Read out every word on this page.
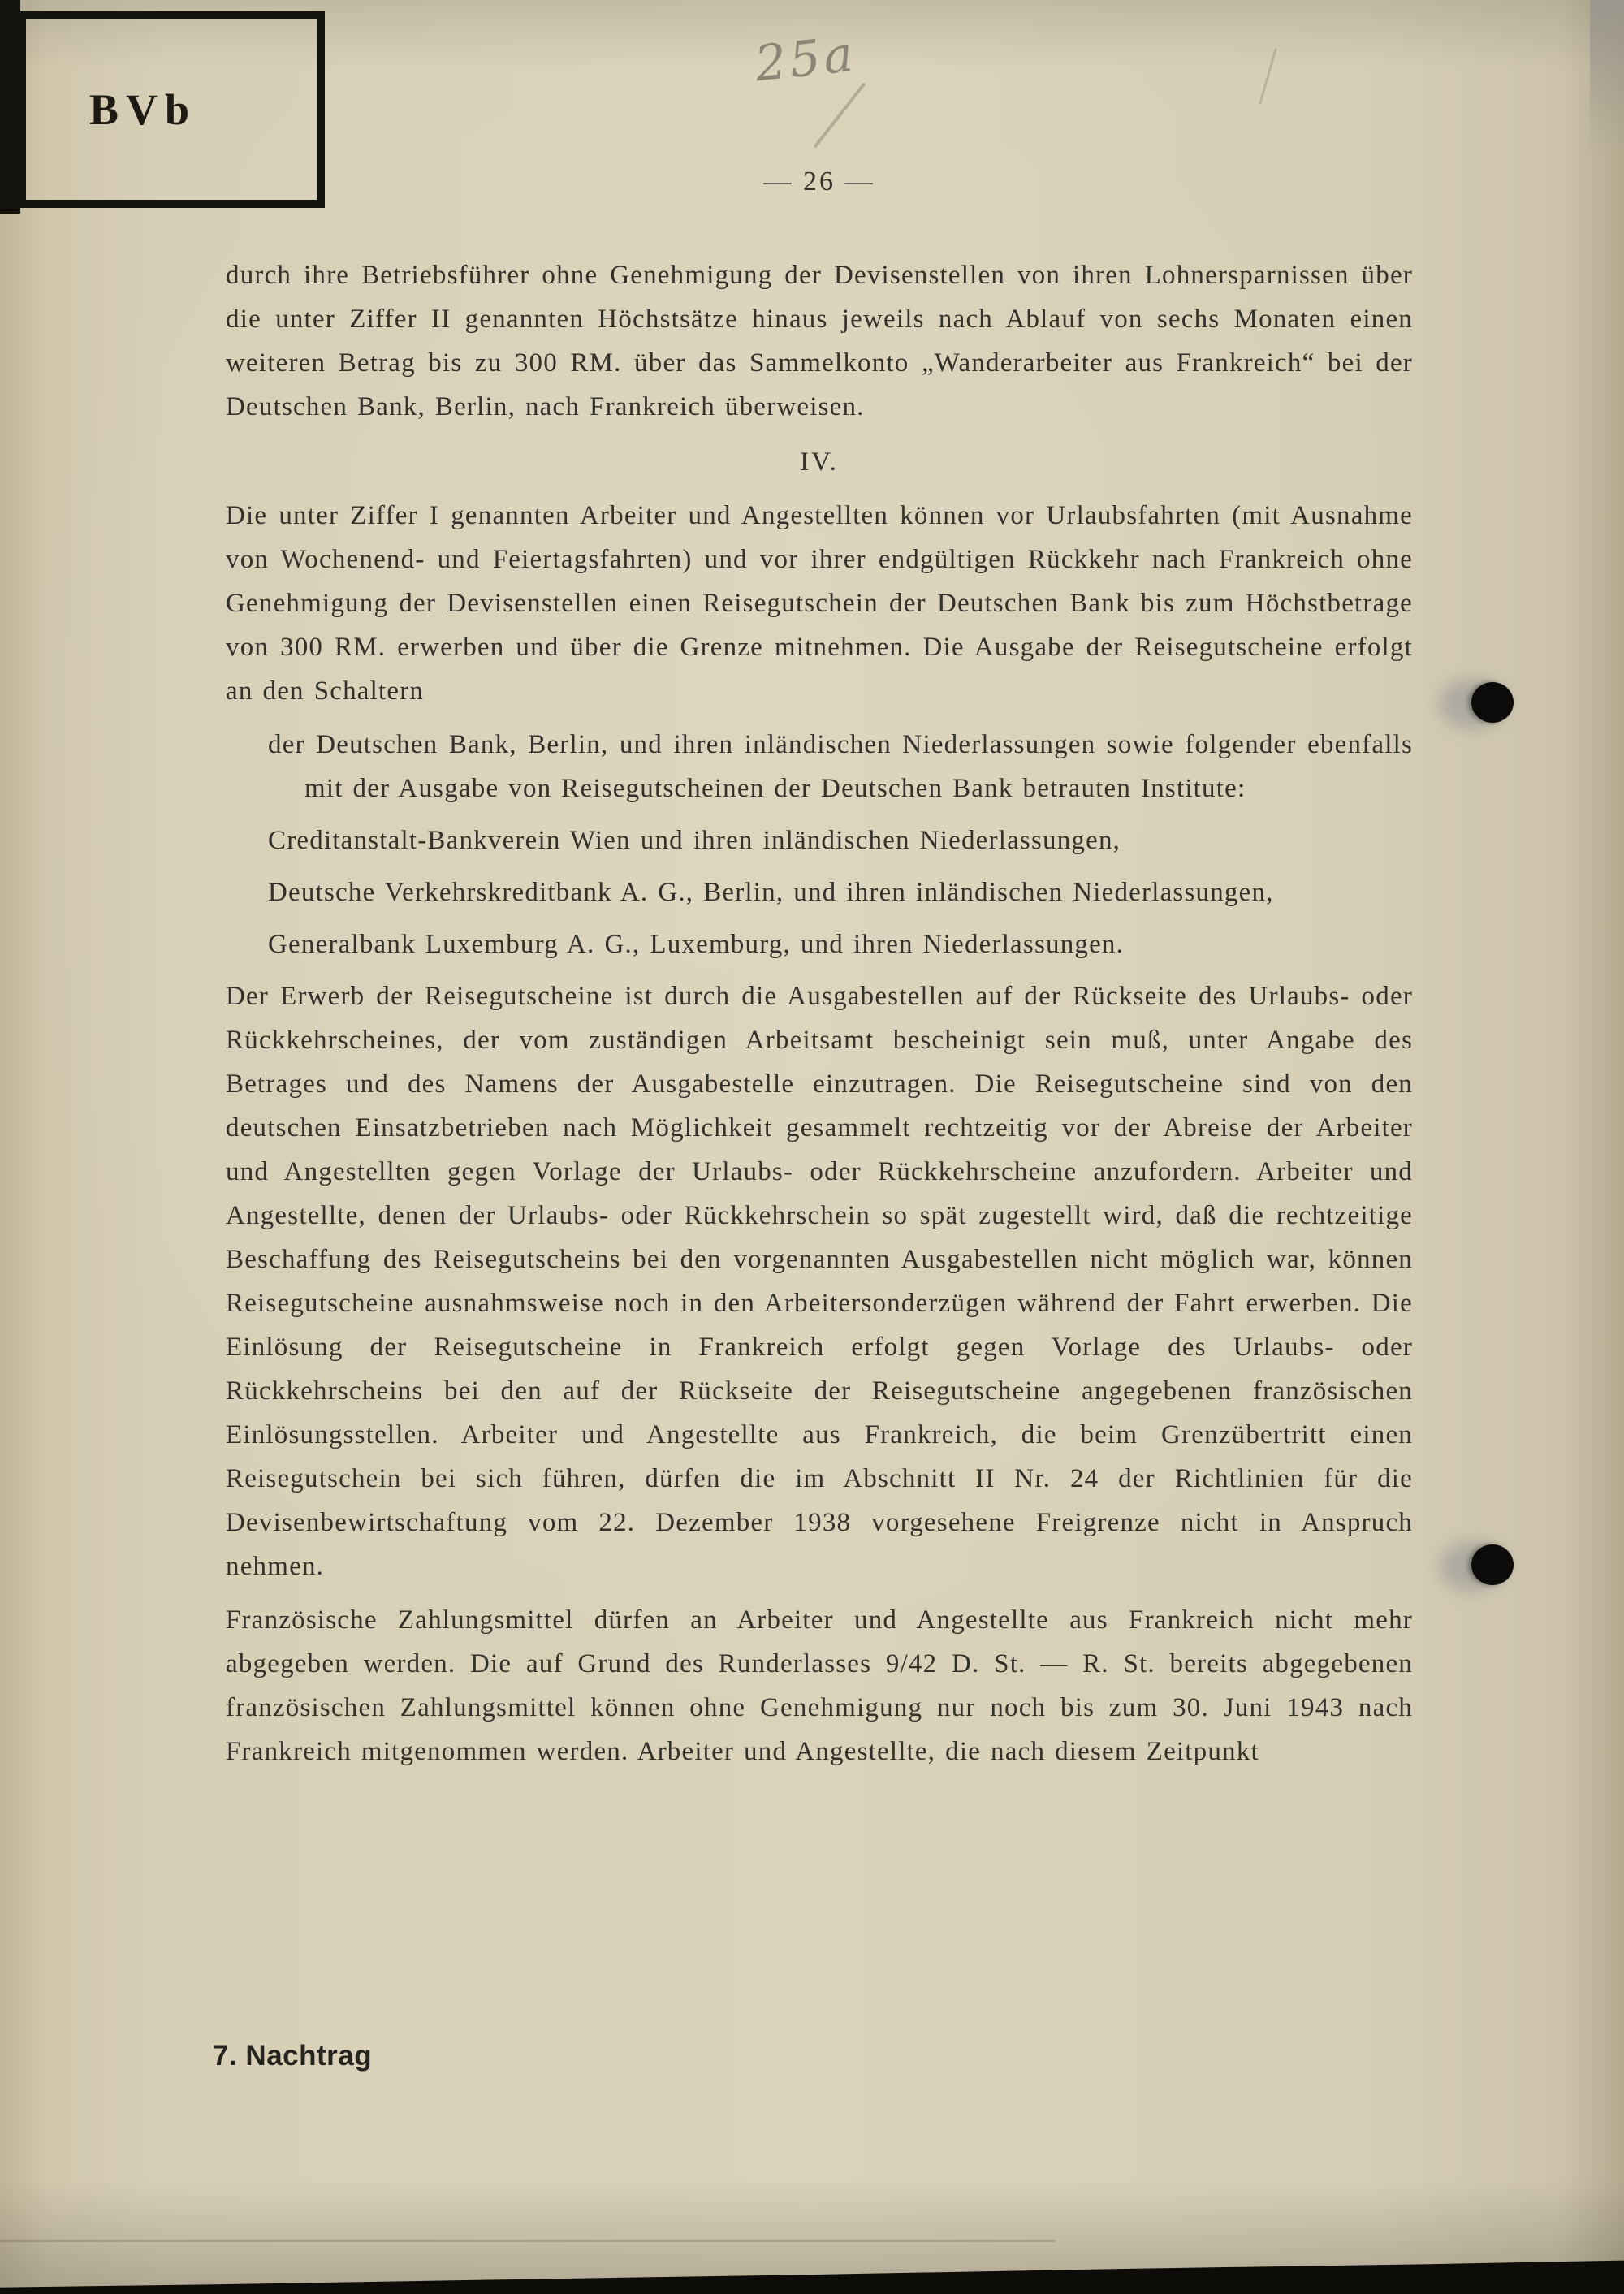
BVb
25a
— 26 —

durch ihre Betriebsführer ohne Genehmigung der Devisenstellen von ihren Lohnersparnissen über die unter Ziffer II genannten Höchstsätze hinaus jeweils nach Ablauf von sechs Monaten einen weiteren Betrag bis zu 300 RM. über das Sammelkonto „Wanderarbeiter aus Frankreich“ bei der Deutschen Bank, Berlin, nach Frankreich überweisen.

IV.

Die unter Ziffer I genannten Arbeiter und Angestellten können vor Urlaubsfahrten (mit Ausnahme von Wochenend- und Feiertagsfahrten) und vor ihrer endgültigen Rückkehr nach Frankreich ohne Genehmigung der Devisenstellen einen Reisegutschein der Deutschen Bank bis zum Höchstbetrage von 300 RM. erwerben und über die Grenze mitnehmen. Die Ausgabe der Reisegutscheine erfolgt an den Schaltern

der Deutschen Bank, Berlin, und ihren inländischen Niederlassungen sowie folgender ebenfalls mit der Ausgabe von Reisegutscheinen der Deutschen Bank betrauten Institute:

Creditanstalt-Bankverein Wien und ihren inländischen Niederlassungen,

Deutsche Verkehrskreditbank A. G., Berlin, und ihren inländischen Niederlassungen,

Generalbank Luxemburg A. G., Luxemburg, und ihren Niederlassungen.

Der Erwerb der Reisegutscheine ist durch die Ausgabestellen auf der Rückseite des Urlaubs- oder Rückkehrscheines, der vom zuständigen Arbeitsamt bescheinigt sein muß, unter Angabe des Betrages und des Namens der Ausgabestelle einzutragen. Die Reisegutscheine sind von den deutschen Einsatzbetrieben nach Möglichkeit gesammelt rechtzeitig vor der Abreise der Arbeiter und Angestellten gegen Vorlage der Urlaubs- oder Rückkehrscheine anzufordern. Arbeiter und Angestellte, denen der Urlaubs- oder Rückkehrschein so spät zugestellt wird, daß die rechtzeitige Beschaffung des Reisegutscheins bei den vorgenannten Ausgabestellen nicht möglich war, können Reisegutscheine ausnahmsweise noch in den Arbeitersonderzügen während der Fahrt erwerben. Die Einlösung der Reisegutscheine in Frankreich erfolgt gegen Vorlage des Urlaubs- oder Rückkehrscheins bei den auf der Rückseite der Reisegutscheine angegebenen französischen Einlösungsstellen. Arbeiter und Angestellte aus Frankreich, die beim Grenzübertritt einen Reisegutschein bei sich führen, dürfen die im Abschnitt II Nr. 24 der Richtlinien für die Devisenbewirtschaftung vom 22. Dezember 1938 vorgesehene Freigrenze nicht in Anspruch nehmen.

Französische Zahlungsmittel dürfen an Arbeiter und Angestellte aus Frankreich nicht mehr abgegeben werden. Die auf Grund des Runderlasses 9/42 D. St. — R. St. bereits abgegebenen französischen Zahlungsmittel können ohne Genehmigung nur noch bis zum 30. Juni 1943 nach Frankreich mitgenommen werden. Arbeiter und Angestellte, die nach diesem Zeitpunkt

7. Nachtrag
